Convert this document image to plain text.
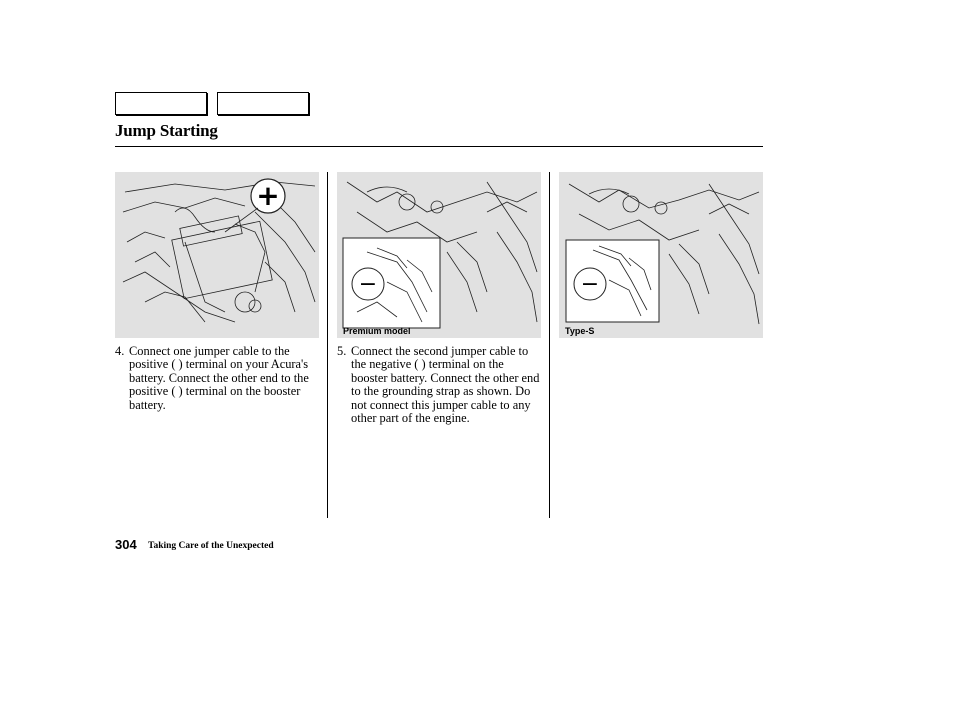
Jump Starting
+
−
Premium model
−
Type-S
4. Connect one jumper cable to the positive ( ) terminal on your Acura's battery. Connect the other end to the positive ( ) terminal on the booster battery.
5. Connect the second jumper cable to the negative ( ) terminal on the booster battery. Connect the other end to the grounding strap as shown. Do not connect this jumper cable to any other part of the engine.
304 Taking Care of the Unexpected
